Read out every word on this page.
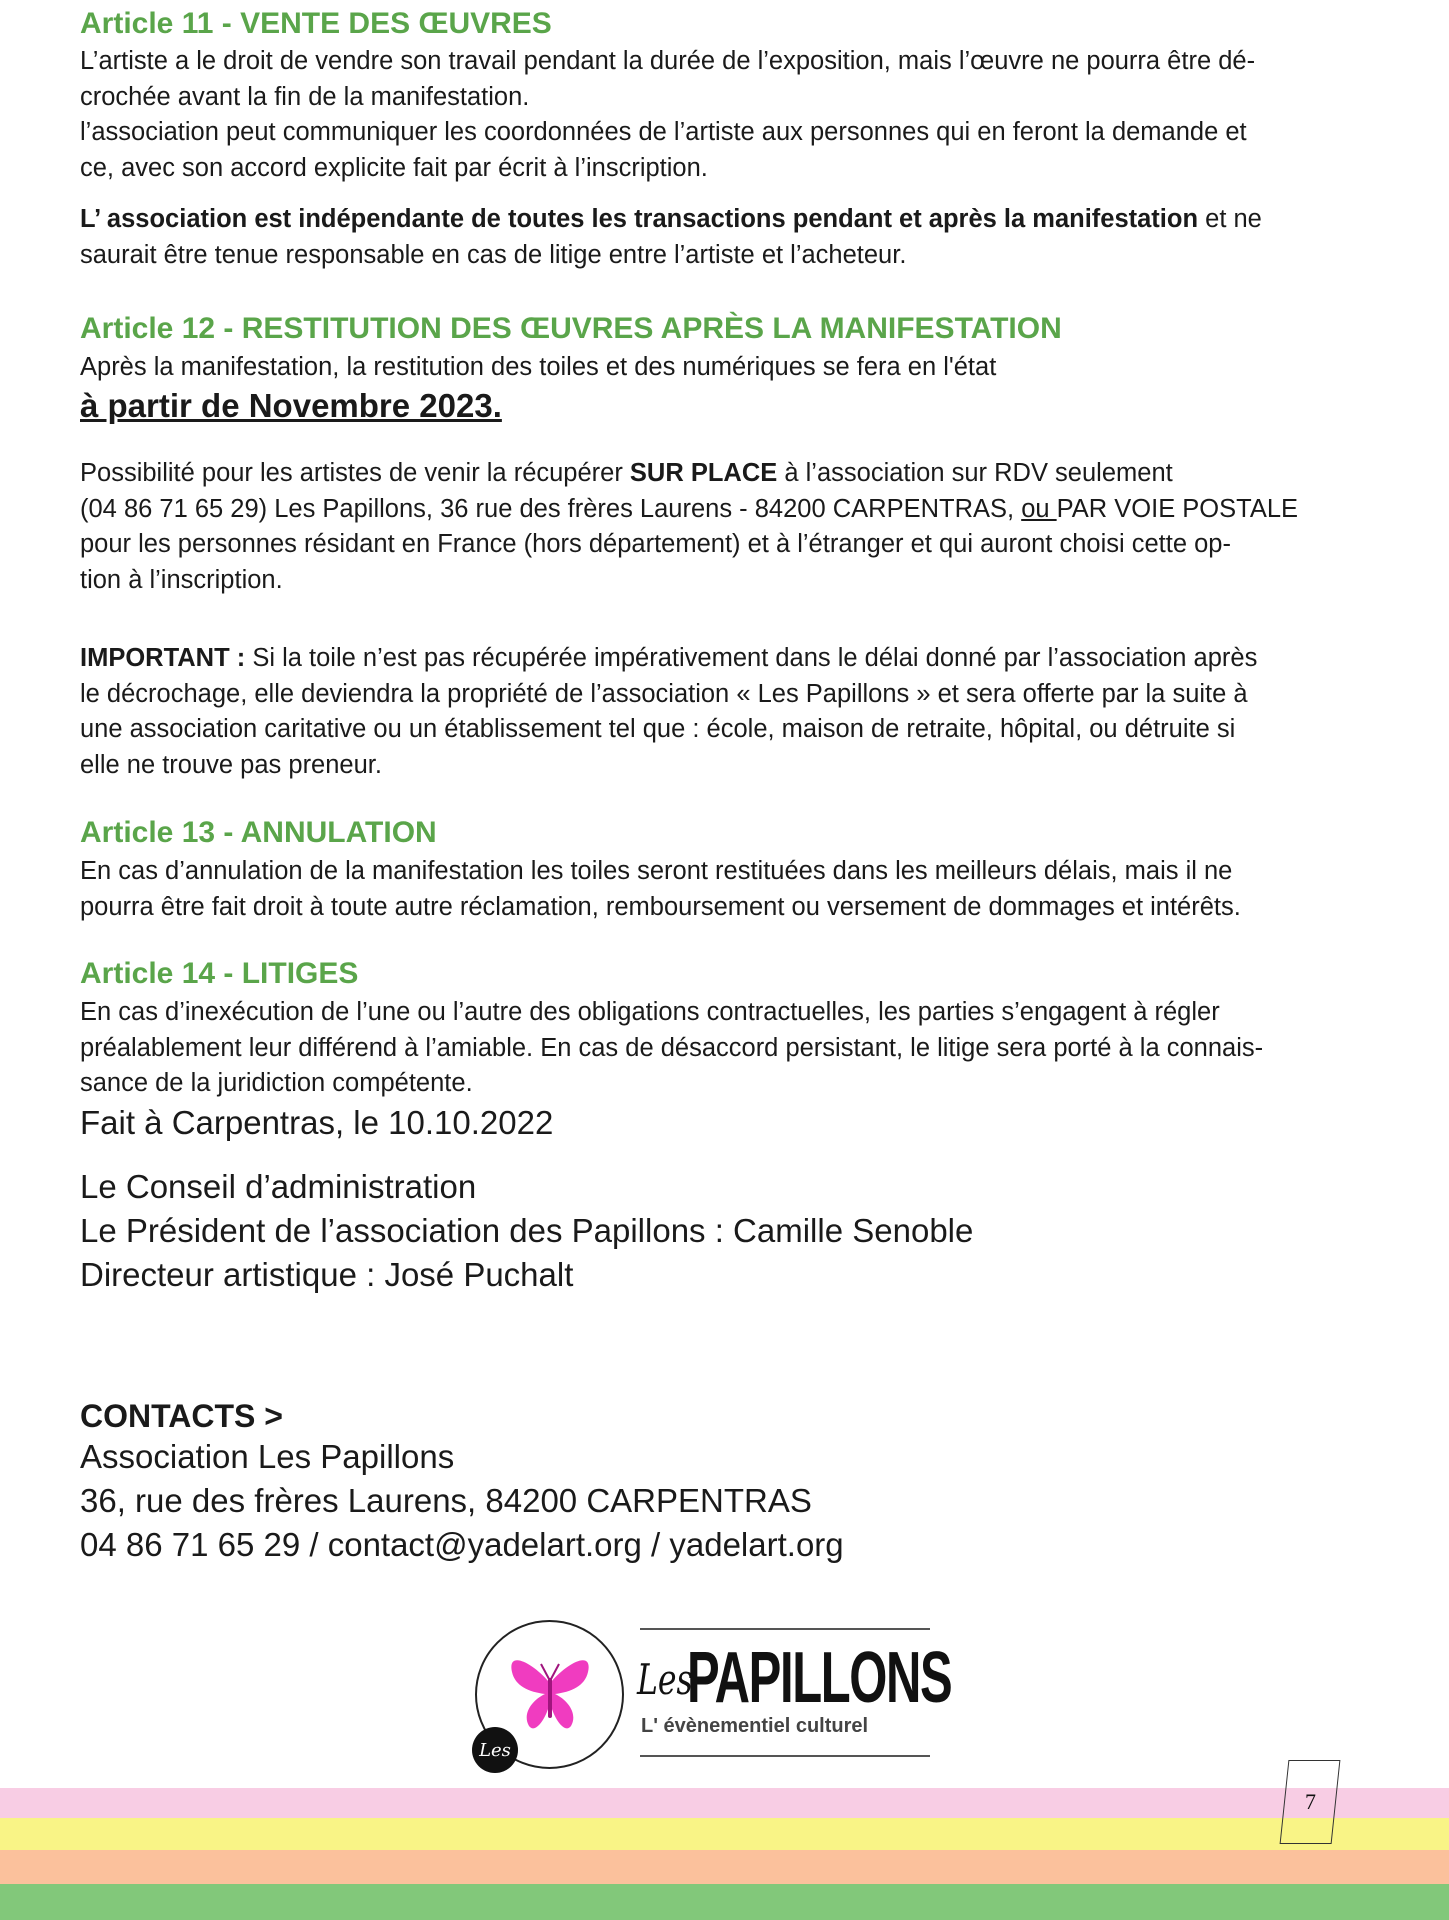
Article 11 - VENTE DES ŒUVRES
L’artiste a le droit de vendre son travail pendant la durée de l’exposition, mais l’œuvre ne pourra être dé-
crochée avant la fin de la manifestation.
l’association peut communiquer les coordonnées de l’artiste aux personnes qui en feront la demande et
ce, avec son accord explicite fait par écrit à l’inscription.
L’ association est indépendante de toutes les transactions pendant et après la manifestation et ne
saurait être tenue responsable en cas de litige entre l’artiste et l’acheteur.
Article 12 - RESTITUTION DES ŒUVRES APRÈS LA MANIFESTATION
Après la manifestation, la restitution des toiles et des numériques se fera en l'état
à partir de Novembre 2023.
Possibilité pour les artistes de venir la récupérer SUR PLACE à l’association sur RDV seulement
(04 86 71 65 29) Les Papillons, 36 rue des frères Laurens - 84200 CARPENTRAS, ou PAR VOIE POSTALE
pour les personnes résidant en France (hors département) et à l’étranger et qui auront choisi cette op-
tion à l’inscription.
IMPORTANT : Si la toile n’est pas récupérée impérativement dans le délai donné par l’association après
le décrochage, elle deviendra la propriété de l’association « Les Papillons » et sera offerte par la suite à
une association caritative ou un établissement tel que : école, maison de retraite, hôpital, ou détruite si
elle ne trouve pas preneur.
Article 13 - ANNULATION
En cas d’annulation de la manifestation les toiles seront restituées dans les meilleurs délais, mais il ne
pourra être fait droit à toute autre réclamation, remboursement ou versement de dommages et intérêts.
Article 14 - LITIGES
En cas d’inexécution de l’une ou l’autre des obligations contractuelles, les parties s’engagent à régler
préalablement leur différend à l’amiable. En cas de désaccord persistant, le litige sera porté à la connais-
sance de la juridiction compétente.
Fait à Carpentras, le 10.10.2022
Le Conseil d’administration
Le Président de l’association des Papillons : Camille Senoble
Directeur artistique : José Puchalt
CONTACTS >
Association Les Papillons
36, rue des frères Laurens, 84200 CARPENTRAS
04 86 71 65 29 / contact@yadelart.org / yadelart.org
Les
Les
PAPILLONS
L' évènementiel culturel
7
